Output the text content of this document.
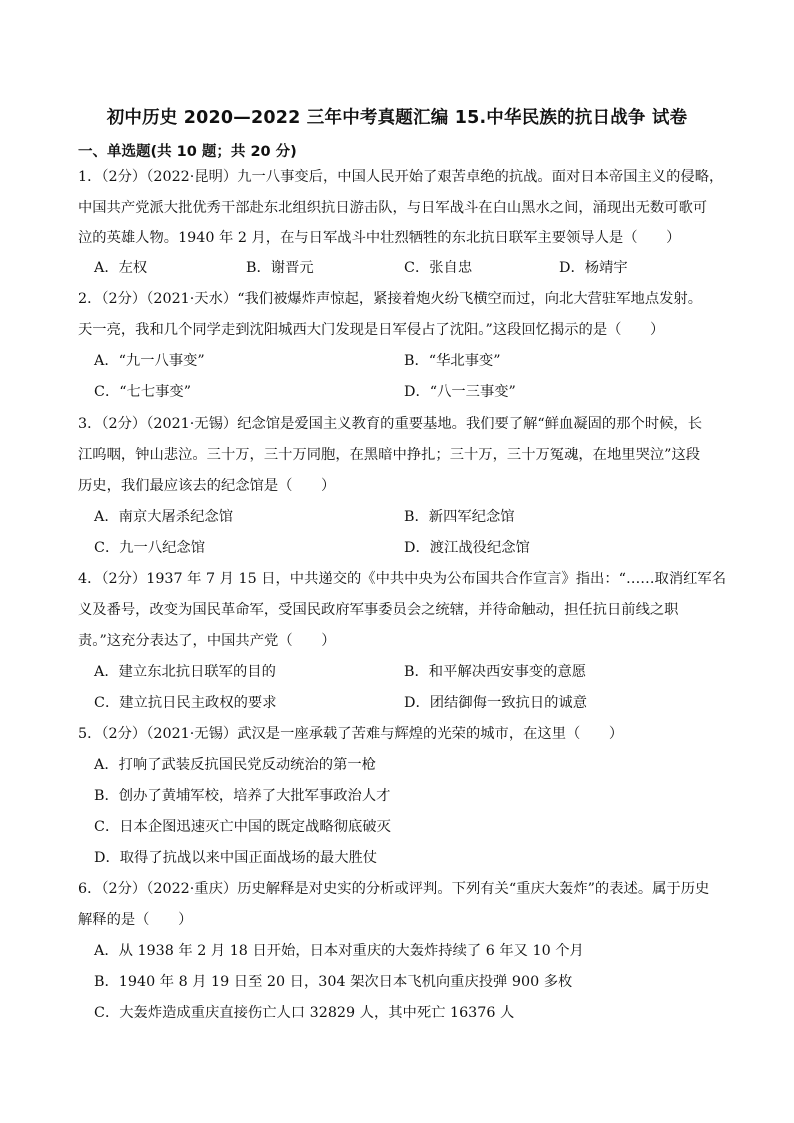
初中历史 2020—2022 三年中考真题汇编 15.中华民族的抗日战争 试卷
一、单选题(共 10 题；共 20 分)
1．（2分）（2022·昆明）九一八事变后，中国人民开始了艰苦卓绝的抗战。面对日本帝国主义的侵略，
中国共产党派大批优秀干部赴东北组织抗日游击队，与日军战斗在白山黑水之间，涌现出无数可歌可
泣的英雄人物。1940 年 2 月，在与日军战斗中壮烈牺牲的东北抗日联军主要领导人是（　　）
A．左权	B．谢晋元	C．张自忠	D．杨靖宇
2．（2分）（2021·天水）“我们被爆炸声惊起，紧接着炮火纷飞横空而过，向北大营驻军地点发射。
天一亮，我和几个同学走到沈阳城西大门发现是日军侵占了沈阳。”这段回忆揭示的是（　　）
A．“九一八事变”	B．“华北事变”
C．“七七事变”	D．“八一三事变”
3．（2分）（2021·无锡）纪念馆是爱国主义教育的重要基地。我们要了解“鲜血凝固的那个时候，长
江呜咽，钟山悲泣。三十万，三十万同胞，在黑暗中挣扎；三十万，三十万冤魂，在地里哭泣”这段
历史，我们最应该去的纪念馆是（　　）
A．南京大屠杀纪念馆	B．新四军纪念馆
C．九一八纪念馆	D．渡江战役纪念馆
4．（2分）1937 年 7 月 15 日，中共递交的《中共中央为公布国共合作宣言》指出：“……取消红军名
义及番号，改变为国民革命军，受国民政府军事委员会之统辖，并待命触动，担任抗日前线之职
责。”这充分表达了，中国共产党（　　）
A．建立东北抗日联军的目的	B．和平解决西安事变的意愿
C．建立抗日民主政权的要求	D．团结御侮一致抗日的诚意
5．（2分）（2021·无锡）武汉是一座承载了苦难与辉煌的光荣的城市，在这里（　　）
A．打响了武装反抗国民党反动统治的第一枪
B．创办了黄埔军校，培养了大批军事政治人才
C．日本企图迅速灭亡中国的既定战略彻底破灭
D．取得了抗战以来中国正面战场的最大胜仗
6．（2分）（2022·重庆）历史解释是对史实的分析或评判。下列有关“重庆大轰炸”的表述。属于历史
解释的是（　　）
A．从 1938 年 2 月 18 日开始，日本对重庆的大轰炸持续了 6 年又 10 个月
B．1940 年 8 月 19 日至 20 日，304 架次日本飞机向重庆投弹 900 多枚
C．大轰炸造成重庆直接伤亡人口 32829 人，其中死亡 16376 人
